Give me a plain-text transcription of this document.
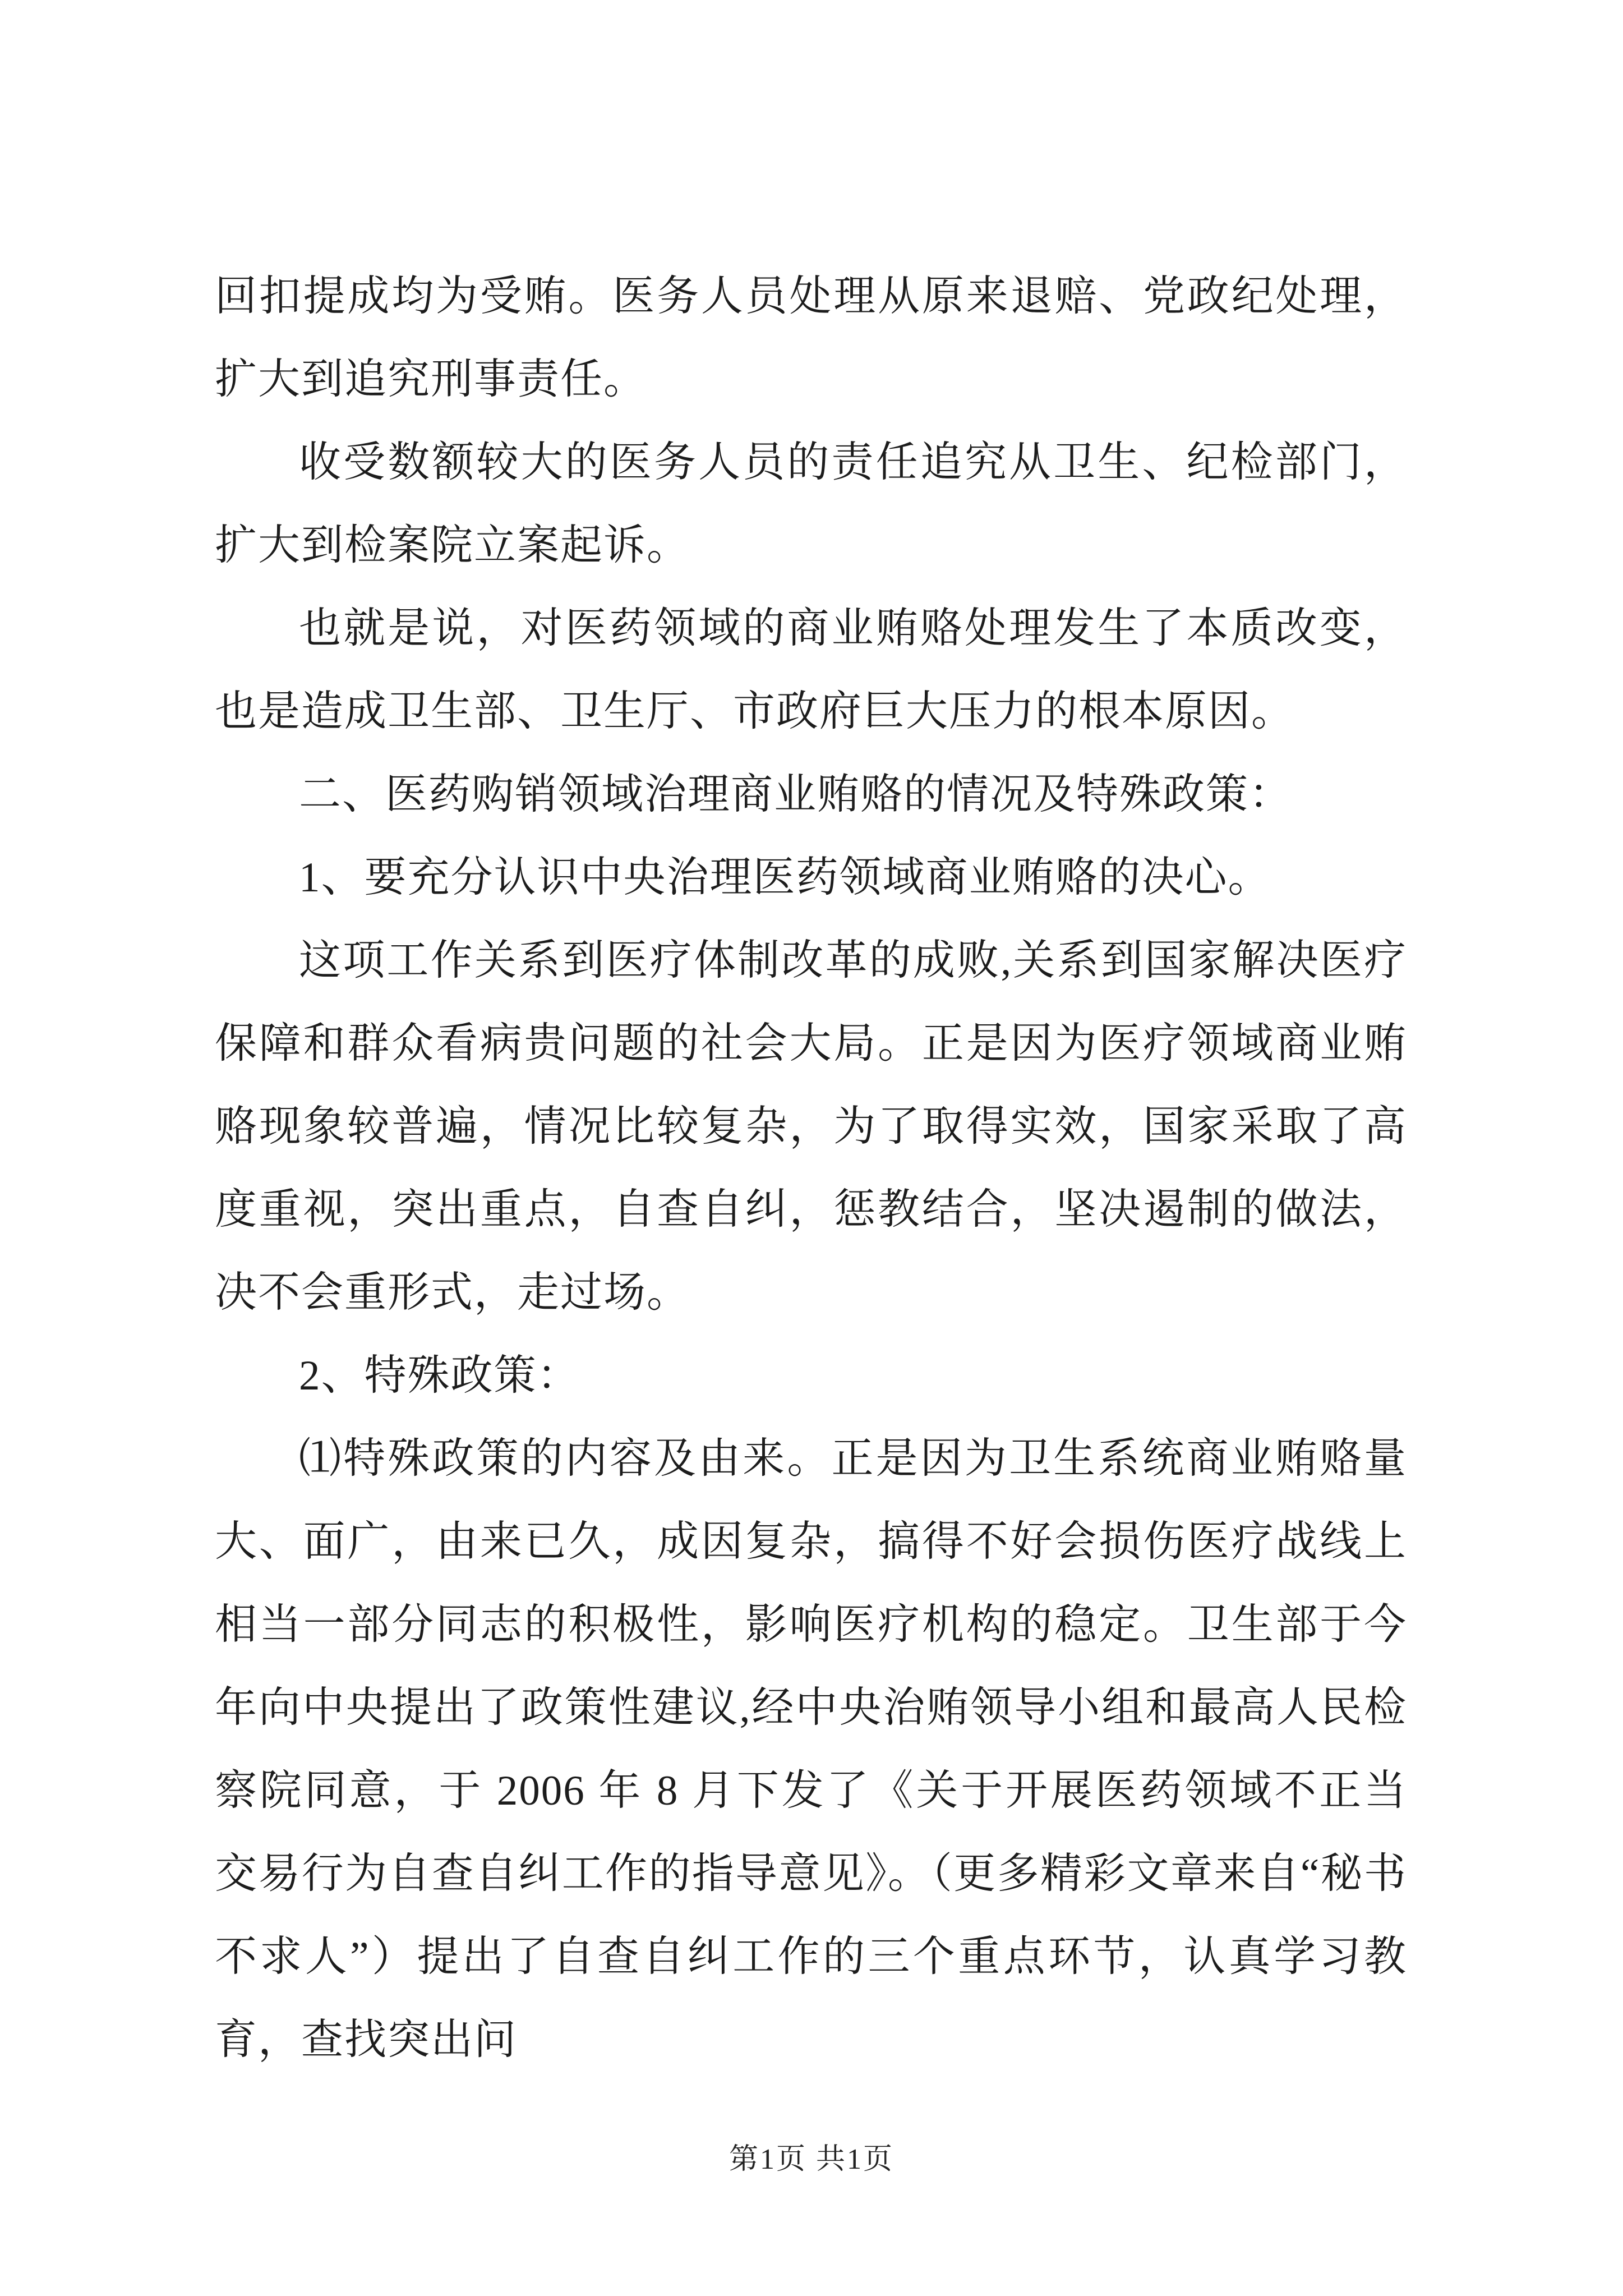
回扣提成均为受贿。医务人员处理从原来退赔、党政纪处理，扩大到追究刑事责任。

收受数额较大的医务人员的责任追究从卫生、纪检部门，扩大到检案院立案起诉。

也就是说，对医药领域的商业贿赂处理发生了本质改变，也是造成卫生部、卫生厅、市政府巨大压力的根本原因。

二、医药购销领域治理商业贿赂的情况及特殊政策：

1、要充分认识中央治理医药领域商业贿赂的决心。

这项工作关系到医疗体制改革的成败,关系到国家解决医疗保障和群众看病贵问题的社会大局。正是因为医疗领域商业贿赂现象较普遍，情况比较复杂，为了取得实效，国家采取了高度重视，突出重点，自查自纠，惩教结合，坚决遏制的做法，决不会重形式，走过场。

2、特殊政策：

⑴特殊政策的内容及由来。正是因为卫生系统商业贿赂量大、面广，由来已久，成因复杂，搞得不好会损伤医疗战线上相当一部分同志的积极性，影响医疗机构的稳定。卫生部于今年向中央提出了政策性建议,经中央治贿领导小组和最高人民检察院同意，于 2006 年 8 月下发了《关于开展医药领域不正当交易行为自查自纠工作的指导意见》。（更多精彩文章来自“秘书不求人”）提出了自查自纠工作的三个重点环节，认真学习教育，查找突出问

第1页 共1页
